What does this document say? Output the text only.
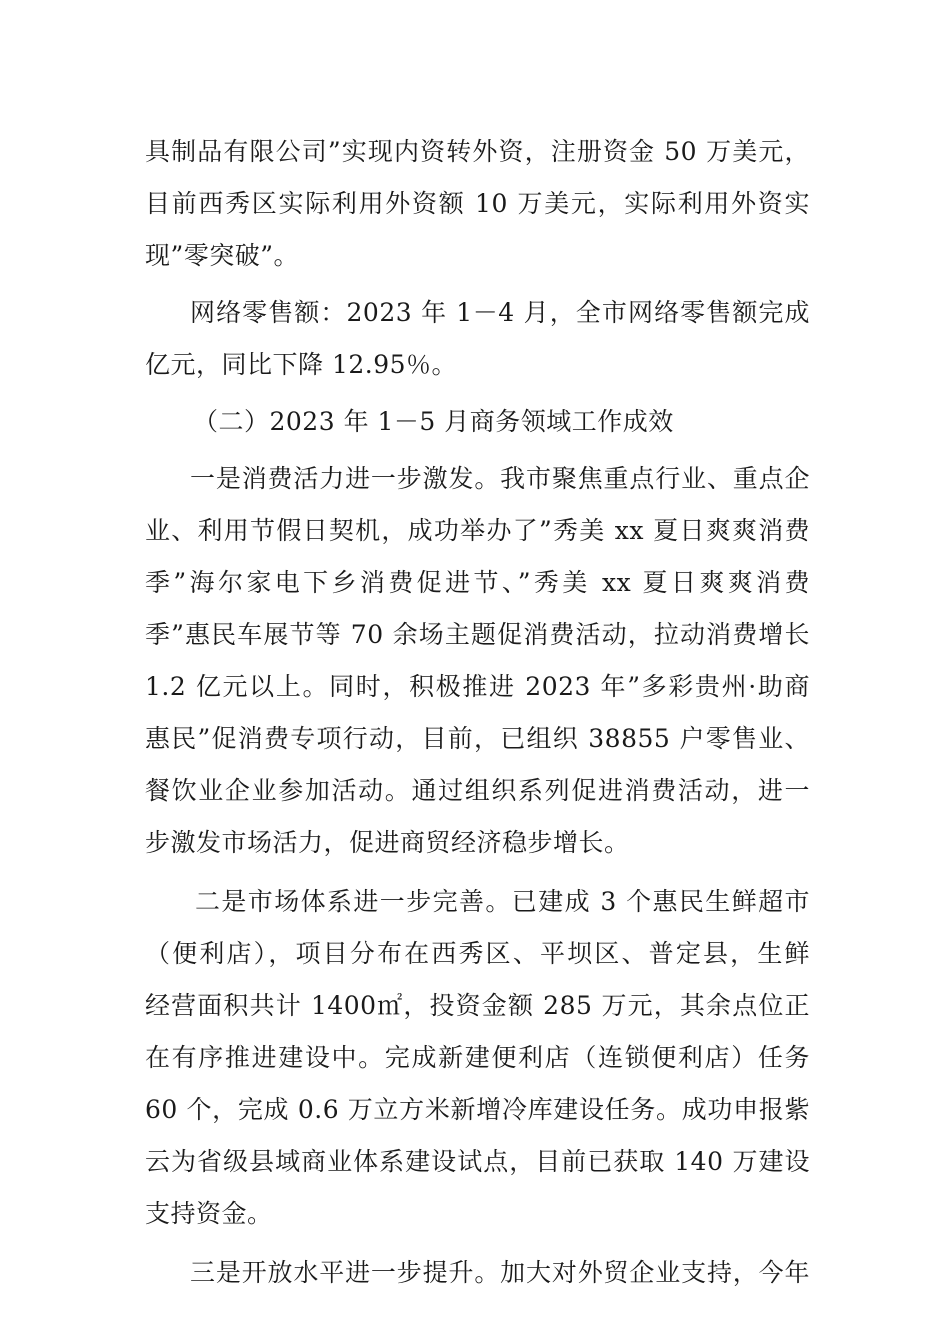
具制品有限公司”实现内资转外资，注册资金 50 万美元，
目前西秀区实际利用外资额 10 万美元，实际利用外资实
现”零突破”。
网络零售额：2023 年 1－4 月，全市网络零售额完成
亿元，同比下降 12.95％。
（二）2023 年 1－5 月商务领域工作成效
一是消费活力进一步激发。我市聚焦重点行业、重点企
业、利用节假日契机，成功举办了”秀美 xx 夏日爽爽消费
季”海尔家电下乡消费促进节、”秀美 xx 夏日爽爽消费
季”惠民车展节等 70 余场主题促消费活动，拉动消费增长
1.2 亿元以上。同时，积极推进 2023 年”多彩贵州·助商
惠民”促消费专项行动，目前，已组织 38855 户零售业、
餐饮业企业参加活动。通过组织系列促进消费活动，进一
步激发市场活力，促进商贸经济稳步增长。
二是市场体系进一步完善。已建成 3 个惠民生鲜超市
（便利店），项目分布在西秀区、平坝区、普定县，生鲜
经营面积共计 1400㎡，投资金额 285 万元，其余点位正
在有序推进建设中。完成新建便利店（连锁便利店）任务
60 个，完成 0.6 万立方米新增冷库建设任务。成功申报紫
云为省级县域商业体系建设试点，目前已获取 140 万建设
支持资金。
三是开放水平进一步提升。加大对外贸企业支持，今年
